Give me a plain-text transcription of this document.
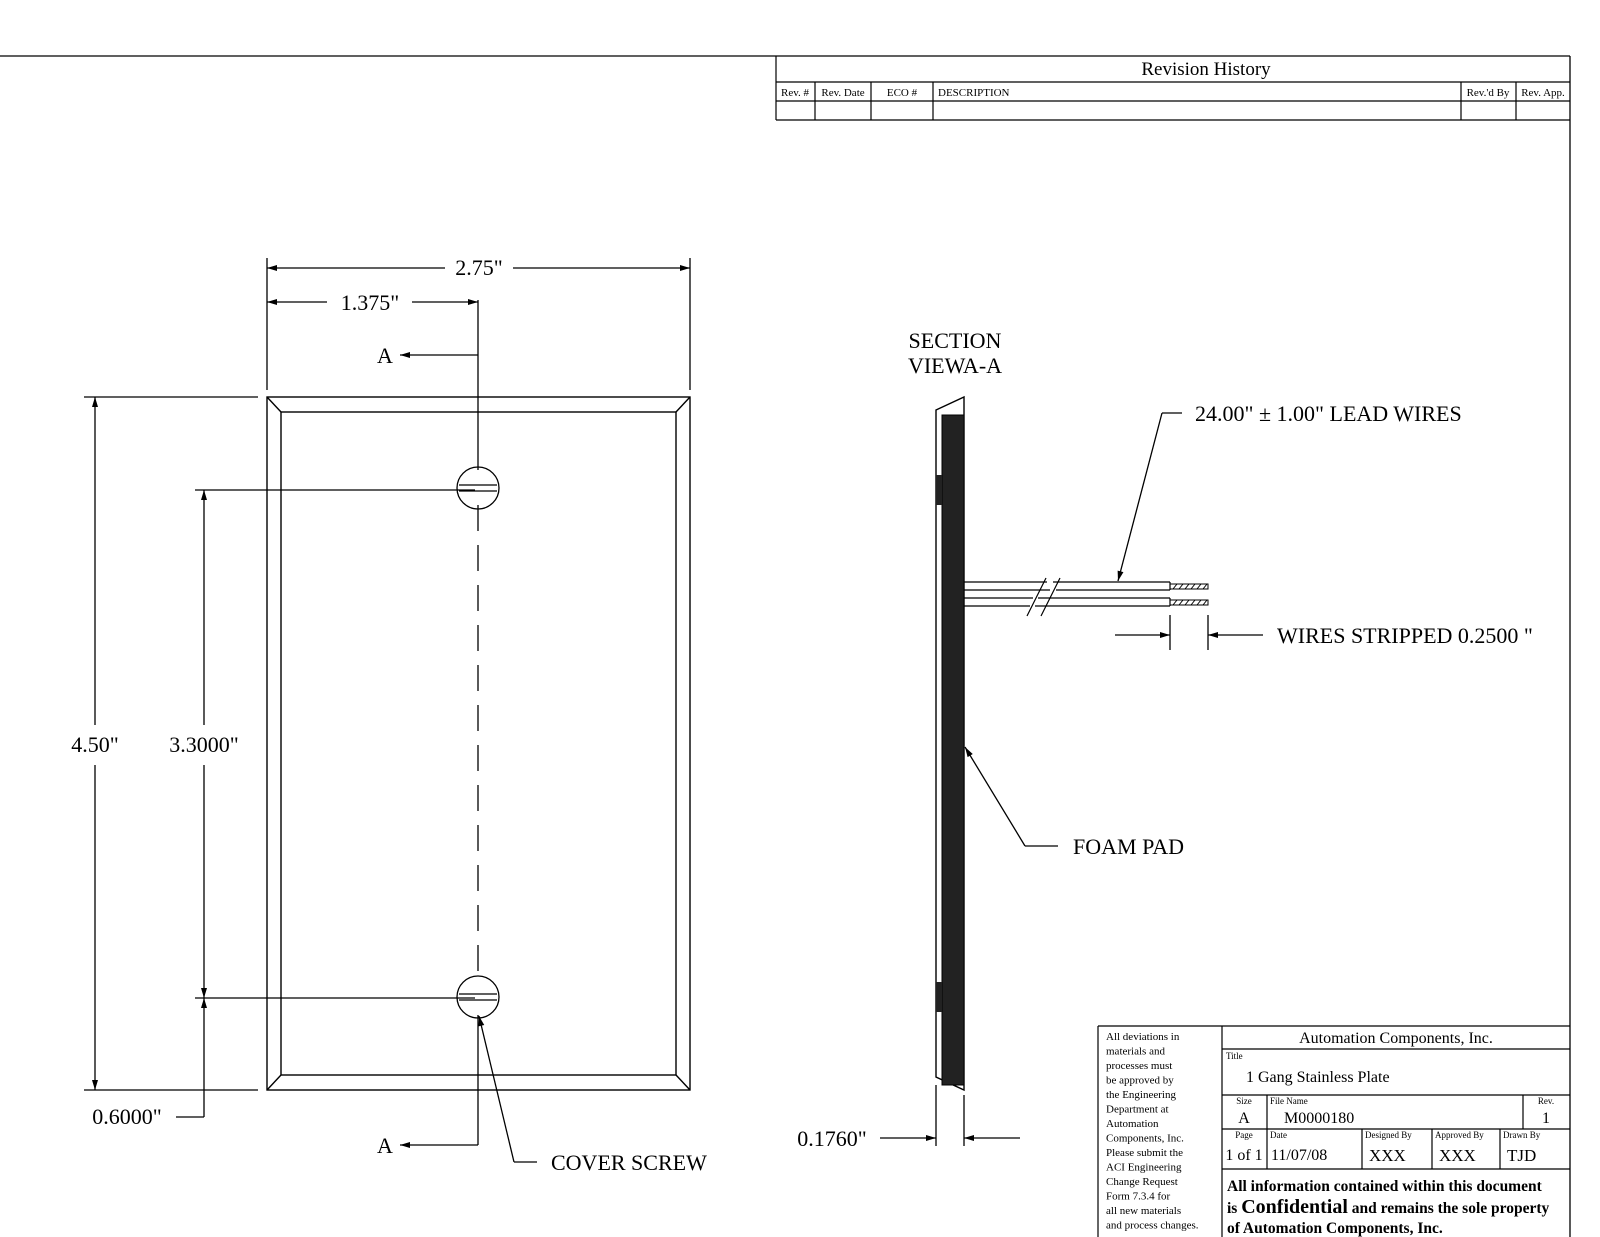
Revision History
Rev. # Rev. Date ECO # DESCRIPTION	Rev.'d By Rev. App.
A
A
2.75"
1.375"
4.50" 3.3000"
0.6000"
COVER SCREW
SECTION
VIEWA-A
24.00" ± 1.00" LEAD WIRES
WIRES STRIPPED 0.2500 "
FOAM PAD
0.1760"
All deviations in
materials and
processes must
be approved by
the Engineering
Department at
Automation
Components, Inc.
Please submit the
ACI Engineering
Change Request
Form 7.3.4 for
all new materials
and process changes.
Automation Components, Inc.
Title
1 Gang Stainless Plate
Size
A
File Name
M0000180
Rev.
1
Page
1 of 1
Date
11/07/08
Designed By
XXX
Approved By
XXX
Drawn By
TJD
All information contained within this document
is Confidential and remains the sole property
of Automation Components, Inc.
